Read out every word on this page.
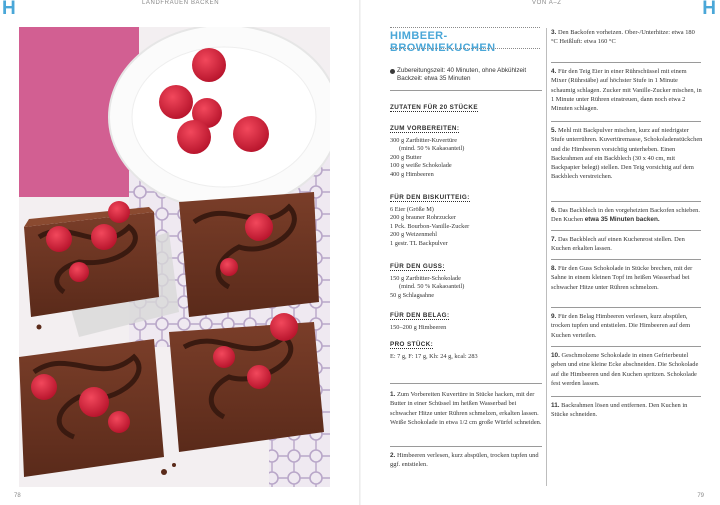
H	H
LANDFRAUEN BACKEN	VON A–Z
HIMBEER-BROWNIEKUCHEN
Zubereitungszeit: 40 Minuten, ohne Abkühlzeit Backzeit: etwa 35 Minuten
ZUTATEN FÜR 20 STÜCKE
ZUM VORBEREITEN:
300 g Zartbitter-Kuvertüre
(mind. 50 % Kakaoanteil)
200 g Butter
100 g weiße Schokolade
400 g Himbeeren
FÜR DEN BISKUITTEIG:
6 Eier (Größe M)
200 g brauner Rohrzucker
1 Pck. Bourbon-Vanille-Zucker
200 g Weizenmehl
1 gestr. TL Backpulver
FÜR DEN GUSS:
150 g Zartbitter-Schokolade
(mind. 50 % Kakaoanteil)
50 g Schlagsahne
FÜR DEN BELAG:
150–200 g Himbeeren
PRO STÜCK:
E: 7 g, F: 17 g, Kh: 24 g, kcal: 283
1. Zum Vorbereiten Kuvertüre in Stücke hacken, mit der Butter in einer Schüssel im heißen Wasserbad bei schwacher Hitze unter Rühren schmelzen, erkalten lassen. Weiße Schokolade in etwa 1/2 cm große Würfel schneiden.
2. Himbeeren verlesen, kurz abspülen, trocken tupfen und ggf. entstielen.
3. Den Backofen vorheizen. Ober-/Unterhitze: etwa 180 °C Heißluft: etwa 160 °C
4. Für den Teig Eier in einer Rührschüssel mit einem Mixer (Rührstäbe) auf höchster Stufe in 1 Minute schaumig schlagen. Zucker mit Vanille-Zucker mischen, in 1 Minute unter Rühren einstreuen, dann noch etwa 2 Minuten schlagen.
5. Mehl mit Backpulver mischen, kurz auf niedrigster Stufe unterrühren. Kuvertüremasse, Schokoladenstückchen und die Himbeeren vorsichtig unterheben. Einen Backrahmen auf ein Backblech (30 x 40 cm, mit Backpapier belegt) stellen. Den Teig vorsichtig auf dem Backblech verstreichen.
6. Das Backblech in den vorgeheizten Backofen schieben. Den Kuchen etwa 35 Minuten backen.
7. Das Backblech auf einen Kuchenrost stellen. Den Kuchen erkalten lassen.
8. Für den Guss Schokolade in Stücke brechen, mit der Sahne in einem kleinen Topf im heißen Wasserbad bei schwacher Hitze unter Rühren schmelzen.
9. Für den Belag Himbeeren verlesen, kurz abspülen, trocken tupfen und entstielen. Die Himbeeren auf dem Kuchen verteilen.
10. Geschmolzene Schokolade in einen Gefrierbeutel geben und eine kleine Ecke abschneiden. Die Schokolade auf die Himbeeren und den Kuchen spritzen. Schokolade fest werden lassen.
11. Backrahmen lösen und entfernen. Den Kuchen in Stücke schneiden.
78	79
